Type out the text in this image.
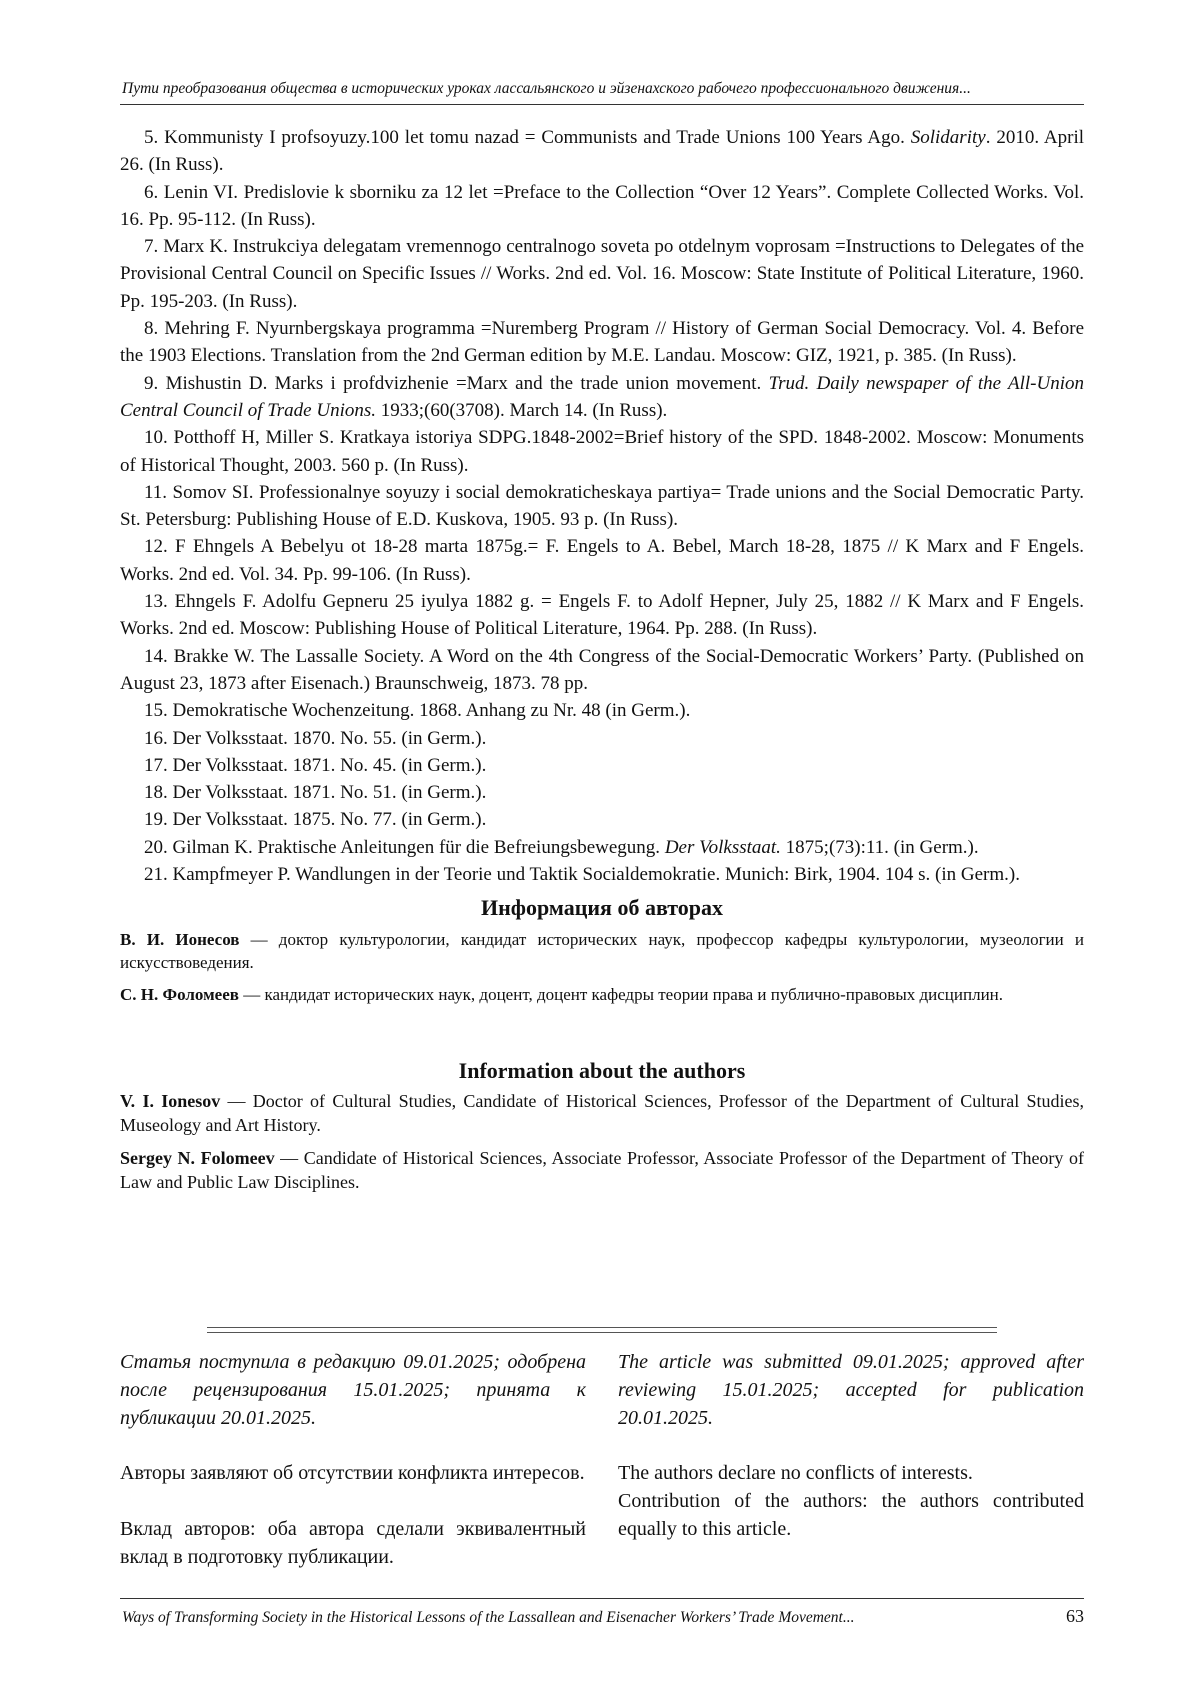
Пути преобразования общества в исторических уроках лассальянского и эйзенахского рабочего профессионального движения...

5. Kommunisty I profsoyuzy.100 let tomu nazad = Communists and Trade Unions 100 Years Ago. Solidarity. 2010. April 26. (In Russ).

6. Lenin VI. Predislovie k sborniku za 12 let =Preface to the Collection “Over 12 Years”. Complete Collected Works. Vol. 16. Pp. 95-112. (In Russ).

7. Marx K. Instrukciya delegatam vremennogo centralnogo soveta po otdelnym voprosam =Instructions to Delegates of the Provisional Central Council on Specific Issues // Works. 2nd ed. Vol. 16. Moscow: State Institute of Political Literature, 1960. Pp. 195-203. (In Russ).

8. Mehring F. Nyurnbergskaya programma =Nuremberg Program // History of German Social Democracy. Vol. 4. Before the 1903 Elections. Translation from the 2nd German edition by M.E. Landau. Moscow: GIZ, 1921, p. 385. (In Russ).

9. Mishustin D. Marks i profdvizhenie =Marx and the trade union movement. Trud. Daily newspaper of the All-Union Central Council of Trade Unions. 1933;(60(3708). March 14. (In Russ).

10. Potthoff H, Miller S. Kratkaya istoriya SDPG.1848-2002=Brief history of the SPD. 1848-2002. Moscow: Monuments of Historical Thought, 2003. 560 p. (In Russ).

11. Somov SI. Professionalnye soyuzy i social demokraticheskaya partiya= Trade unions and the Social Democratic Party. St. Petersburg: Publishing House of E.D. Kuskova, 1905. 93 p. (In Russ).

12. F Ehngels A Bebelyu ot 18-28 marta 1875g.= F. Engels to A. Bebel, March 18-28, 1875 // K Marx and F Engels. Works. 2nd ed. Vol. 34. Pp. 99-106. (In Russ).

13. Ehngels F. Adolfu Gepneru 25 iyulya 1882 g. = Engels F. to Adolf Hepner, July 25, 1882 // K Marx and F Engels. Works. 2nd ed. Moscow: Publishing House of Political Literature, 1964. Pp. 288. (In Russ).

14. Brakke W. The Lassalle Society. A Word on the 4th Congress of the Social-Democratic Workers’ Party. (Published on August 23, 1873 after Eisenach.) Braunschweig, 1873. 78 pp.

15. Demokratische Wochenzeitung. 1868. Anhang zu Nr. 48 (in Germ.).

16. Der Volksstaat. 1870. No. 55. (in Germ.).

17. Der Volksstaat. 1871. No. 45. (in Germ.).

18. Der Volksstaat. 1871. No. 51. (in Germ.).

19. Der Volksstaat. 1875. No. 77. (in Germ.).

20. Gilman K. Praktische Anleitungen für die Befreiungsbewegung. Der Volksstaat. 1875;(73):11. (in Germ.).

21. Kampfmeyer P. Wandlungen in der Teorie und Taktik Socialdemokratie. Munich: Birk, 1904. 104 s. (in Germ.).

Информация об авторах

В. И. Ионесов — доктор культурологии, кандидат исторических наук, профессор кафедры культурологии, музеологии и искусствоведения.

С. Н. Фоломеев — кандидат исторических наук, доцент, доцент кафедры теории права и публично-правовых дисциплин.

Information about the authors

V. I. Ionesov — Doctor of Cultural Studies, Candidate of Historical Sciences, Professor of the Department of Cultural Studies, Museology and Art History.

Sergey N. Folomeev — Candidate of Historical Sciences, Associate Professor, Associate Professor of the Department of Theory of Law and Public Law Disciplines.

Статья поступила в редакцию 09.01.2025; одобрена после рецензирования 15.01.2025; принята к публикации 20.01.2025.

The article was submitted 09.01.2025; approved after reviewing 15.01.2025; accepted for publication 20.01.2025.

Авторы заявляют об отсутствии конфликта интересов.

Вклад авторов: оба автора сделали эквивалентный вклад в подготовку публикации.

The authors declare no conflicts of interests.

Contribution of the authors: the authors contributed equally to this article.

Ways of Transforming Society in the Historical Lessons of the Lassallean and Eisenacher Workers’ Trade Movement...	63
